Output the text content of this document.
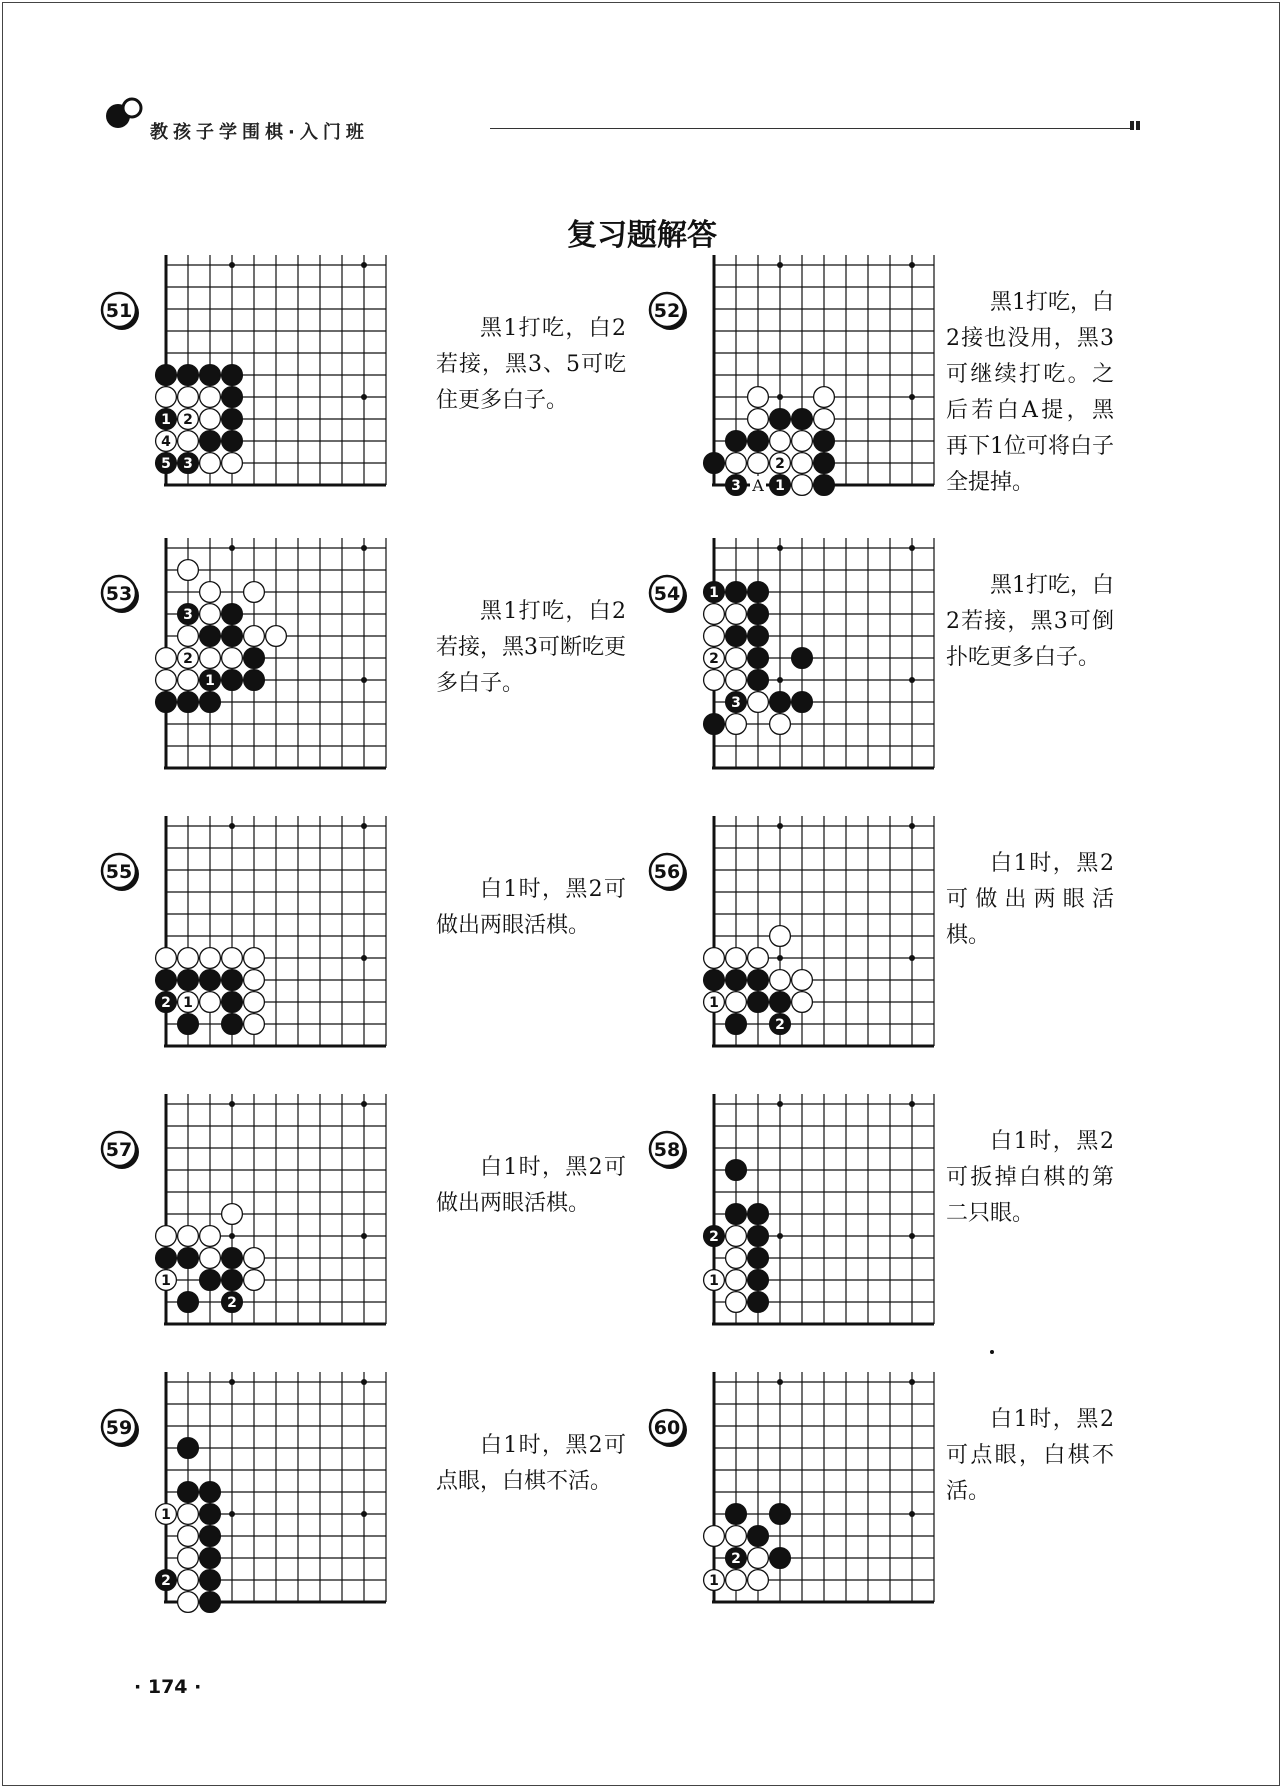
教孩子学围棋·入门班
复习题解答
51
1 2
4
5 3
黑1打吃，白2若接，黑3、5可吃住更多白子。
52
2
3 A 1
黑1打吃，白2接也没用，黑3可继续打吃。之后若白A提，黑再下1位可将白子全提掉。
53
3
2
1
黑1打吃，白2若接，黑3可断吃更多白子。
54 1
2
3
黑1打吃，白2若接，黑3可倒扑吃更多白子。
55
2 1
白1时，黑2可做出两眼活棋。
56
1
2
白1时，黑2可做出两眼活棋。
57
1
2
白1时，黑2可做出两眼活棋。
58
2
1
白1时，黑2可扳掉白棋的第二只眼。
59
1
2
白1时，黑2可点眼，白棋不活。
60
2
1
白1时，黑2可点眼，白棋不活。
· 174 ·
